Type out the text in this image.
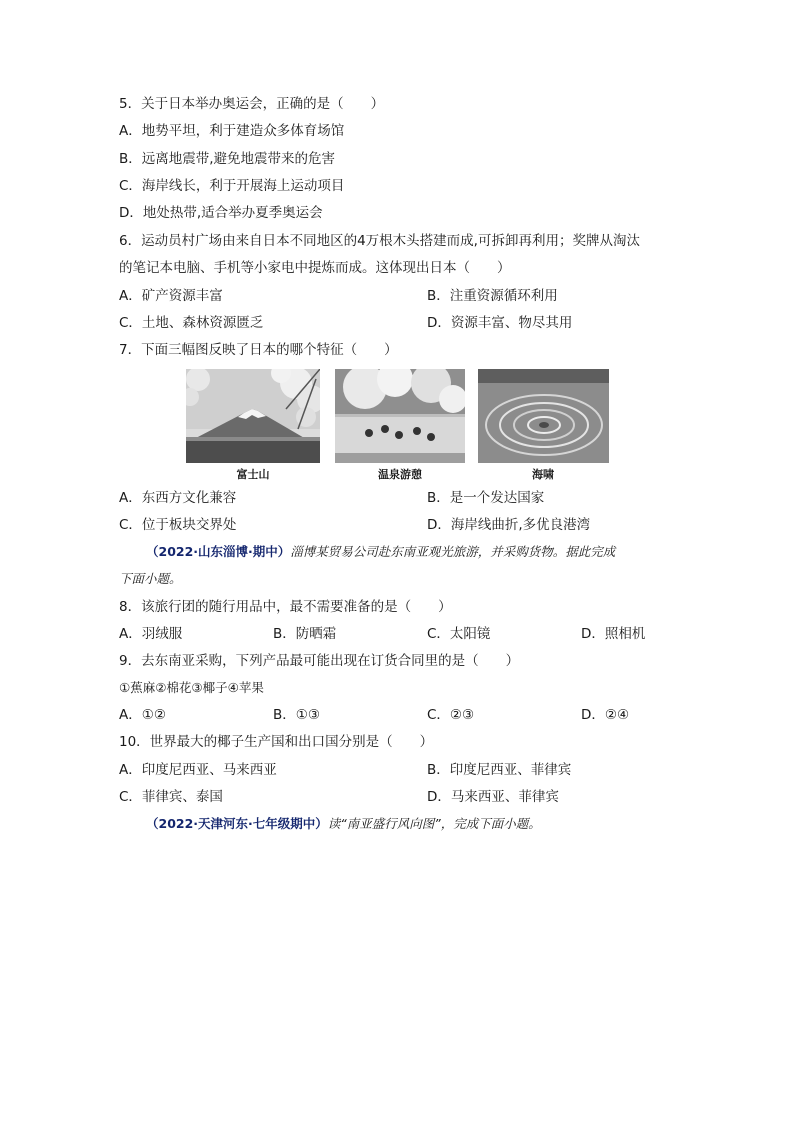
5．关于日本举办奥运会，正确的是（　　）
A．地势平坦，利于建造众多体育场馆
B．远离地震带,避免地震带来的危害
C．海岸线长，利于开展海上运动项目
D．地处热带,适合举办夏季奥运会
6．运动员村广场由来自日本不同地区的4万根木头搭建而成,可拆卸再利用；奖牌从淘汰
的笔记本电脑、手机等小家电中提炼而成。这体现出日本（　　）
A．矿产资源丰富	B．注重资源循环利用
C．土地、森林资源匮乏	D．资源丰富、物尽其用
7．下面三幅图反映了日本的哪个特征（　　）
富士山	温泉游憩	海啸
A．东西方文化兼容	B．是一个发达国家
C．位于板块交界处	D．海岸线曲折,多优良港湾
（2022·山东淄博·期中）淄博某贸易公司赴东南亚观光旅游，并采购货物。据此完成
下面小题。
8．该旅行团的随行用品中，最不需要准备的是（　　）
A．羽绒服	B．防晒霜	C．太阳镜	D．照相机
9．去东南亚采购，下列产品最可能出现在订货合同里的是（　　）
①蕉麻②棉花③椰子④苹果
A．①②	B．①③	C．②③	D．②④
10．世界最大的椰子生产国和出口国分别是（　　）
A．印度尼西亚、马来西亚	B．印度尼西亚、菲律宾
C．菲律宾、泰国	D．马来西亚、菲律宾
（2022·天津河东·七年级期中）读“南亚盛行风向图”，完成下面小题。
